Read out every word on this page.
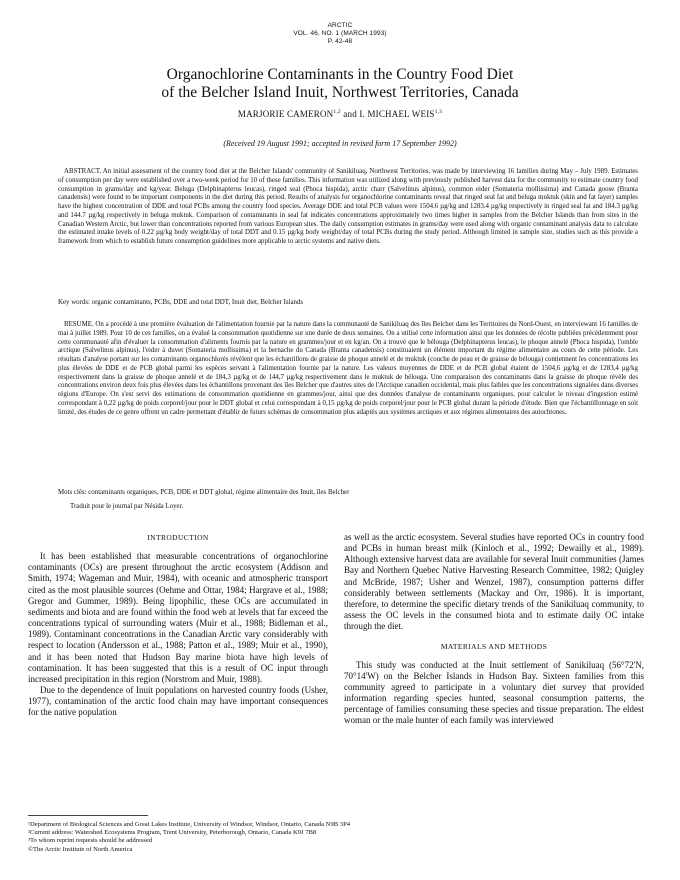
ARCTIC
VOL. 46, NO. 1 (MARCH 1993) P. 42-48
Organochlorine Contaminants in the Country Food Diet
of the Belcher Island Inuit, Northwest Territories, Canada
MARJORIE CAMERON$^{1,2}$ and I. MICHAEL WEIS$^{1,3}$
(Received 19 August 1991; accepted in revised form 17 September 1992)

ABSTRACT. An initial assessment of the country food diet at the Belcher Islands' community of Sanikiluaq, Northwest Territories, was made by interviewing 16 families during May – July 1989. Estimates of consumption per day were established over a two-week period for 10 of these families. This information was utilized along with previously published harvest data for the community to estimate country food consumption in grams/day and kg/year. Beluga (Delphinapterus leucas), ringed seal (Phoca hispida), arctic charr (Salvelinus alpinus), common eider (Somateria mollissima) and Canada goose (Branta canadensis) were found to be important components in the diet during this period. Results of analysis for organochlorine contaminants reveal that ringed seal fat and beluga muktuk (skin and fat layer) samples have the highest concentration of DDE and total PCBs among the country food species. Average DDE and total PCB values were 1504.6 µg/kg and 1283.4 µg/kg respectively in ringed seal fat and 184.3 µg/kg and 144.7 µg/kg respectively in beluga muktuk. Comparison of contaminants in seal fat indicates concentrations approximately two times higher in samples from the Belcher Islands than from sites in the Canadian Western Arctic, but lower than concentrations reported from various European sites. The daily consumption estimates in grams/day were used along with organic contaminant analysis data to calculate the estimated intake levels of 0.22 µg/kg body weight/day of total DDT and 0.15 µg/kg body weight/day of total PCBs during the study period. Although limited in sample size, studies such as this provide a framework from which to establish future consumption guidelines more applicable to arctic systems and native diets.

Key words: organic contaminants, PCBs, DDE and total DDT, Inuit diet, Belcher Islands

RÉSUMÉ. On a procédé à une première évaluation de l'alimentation fournie par la nature dans la communauté de Sanikiluaq des îles Belcher dans les Territoires du Nord-Ouest, en interviewant 16 familles de mai à juillet 1989. Pour 10 de ces familles, on a évalué la consommation quotidienne sur une durée de deux semaines. On a utilisé cette information ainsi que les données de récolte publiées précédemment pour cette communauté afin d'évaluer la consommation d'aliments fournis par la nature en grammes/jour et en kg/an. On a trouvé que le bélouga (Delphinapterus leucas), le phoque annelé (Phoca hispida), l'omble arctique (Salvelinus alpinus), l'eider à duvet (Somateria mollissima) et la bernache du Canada (Branta canadensis) constituaient un élément important du régime alimentaire au cours de cette période. Les résultats d'analyse portant sur les contaminants organochlorés révèlent que les échantillons de graisse de phoque annelé et de muktuk (couche de peau et de graisse de bélouga) contiennent les concentrations les plus élevées de DDE et de PCB global parmi les espèces servant à l'alimentation fournie par la nature. Les valeurs moyennes de DDE et de PCB global étaient de 1504,6 µg/kg et de 1283,4 µg/kg respectivement dans la graisse de phoque annelé et de 184,3 µg/kg et de 144,7 µg/kg respectivement dans le muktuk de bélouga. Une comparaison des contaminants dans la graisse de phoque révèle des concentrations environ deux fois plus élevées dans les échantillons provenant des îles Belcher que d'autres sites de l'Arctique canadien occidental, mais plus faibles que les concentrations signalées dans diverses régions d'Europe. On s'est servi des estimations de consommation quotidienne en grammes/jour, ainsi que des données d'analyse de contaminants organiques, pour calculer le niveau d'ingestion estimé correspondant à 0,22 µg/kg de poids corporel/jour pour le DDT global et celui correspondant à 0,15 µg/kg de poids corporel/jour pour le PCB global durant la période d'étude. Bien que l'échantillonnage en soit limité, des études de ce genre offrent un cadre permettant d'établir de futurs schémas de consommation plus adaptés aux systèmes arctiques et aux régimes alimentaires des autochtones.

Mots clés: contaminants organiques, PCB, DDE et DDT global, régime alimentaire des Inuit, îles Belcher
Traduit pour le journal par Nésida Loyer.
INTRODUCTION

It has been established that measurable concentrations of organochlorine contaminants (OCs) are present throughout the arctic ecosystem (Addison and Smith, 1974; Wageman and Muir, 1984), with oceanic and atmospheric transport cited as the most plausible sources (Oehme and Ottar, 1984; Hargrave et al., 1988; Gregor and Gummer, 1989). Being lipophilic, these OCs are accumulated in sediments and biota and are found within the food web at levels that far exceed the concentrations typical of surrounding waters (Muir et al., 1988; Bidleman et al., 1989). Contaminant concentrations in the Canadian Arctic vary considerably with respect to location (Andersson et al., 1988; Patton et al., 1989; Muir et al., 1990), and it has been noted that Hudson Bay marine biota have high levels of contamination. It has been suggested that this is a result of OC input through increased precipitation in this region (Norstrom and Muir, 1988).

Due to the dependence of Inuit populations on harvested country foods (Usher, 1977), contamination of the arctic food chain may have important consequences for the native population

as well as the arctic ecosystem. Several studies have reported OCs in country food and PCBs in human breast milk (Kinloch et al., 1992; Dewailly et al., 1989). Although extensive harvest data are available for several Inuit communities (James Bay and Northern Quebec Native Harvesting Research Committee, 1982; Quigley and McBride, 1987; Usher and Wenzel, 1987), consumption patterns differ considerably between settlements (Mackay and Orr, 1986). It is important, therefore, to determine the specific dietary trends of the Sanikiluaq community, to assess the OC levels in the consumed biota and to estimate daily OC intake through the diet.

MATERIALS AND METHODS

This study was conducted at the Inuit settlement of Sanikiluaq (56°72'N, 70°14'W) on the Belcher Islands in Hudson Bay. Sixteen families from this community agreed to participate in a voluntary diet survey that provided information regarding species hunted, seasonal consumption patterns, the percentage of families consuming these species and tissue preparation. The eldest woman or the male hunter of each family was interviewed

¹Department of Biological Sciences and Great Lakes Institute, University of Windsor, Windsor, Ontario, Canada N9B 3P4
²Current address: Watershed Ecosystems Program, Trent University, Peterborough, Ontario, Canada K9J 7B8
³To whom reprint requests should be addressed
©The Arctic Institute of North America
